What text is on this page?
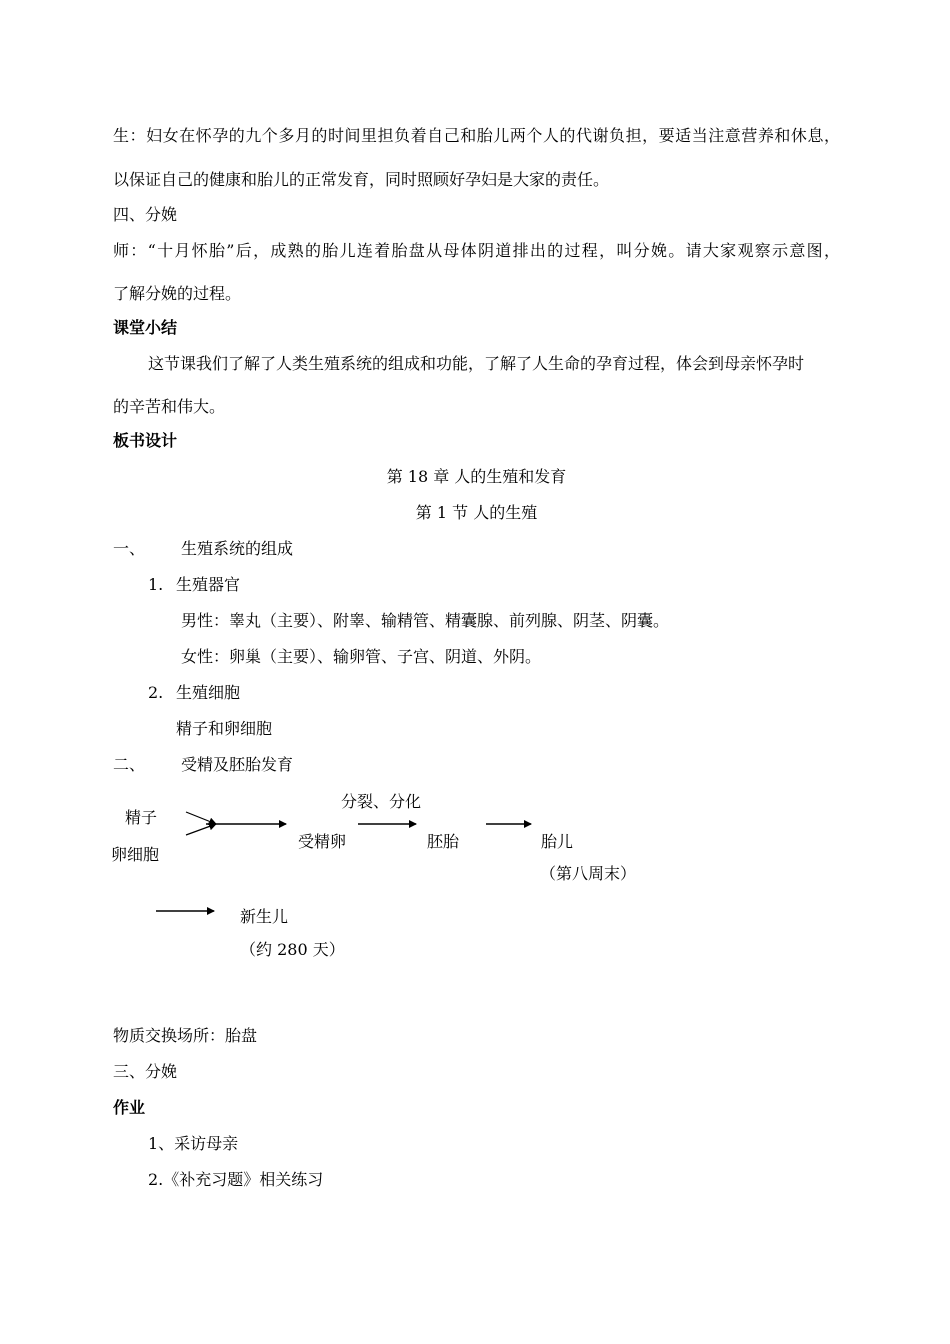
生：妇女在怀孕的九个多月的时间里担负着自己和胎儿两个人的代谢负担，要适当注意营养和休息，
以保证自己的健康和胎儿的正常发育，同时照顾好孕妇是大家的责任。
四、分娩
师：“十月怀胎”后，成熟的胎儿连着胎盘从母体阴道排出的过程，叫分娩。请大家观察示意图，
了解分娩的过程。
课堂小结
这节课我们了解了人类生殖系统的组成和功能，了解了人生命的孕育过程，体会到母亲怀孕时
的辛苦和伟大。
板书设计
第 18 章 人的生殖和发育
第 1 节 人的生殖
一、 生殖系统的组成
1. 生殖器官
男性：睾丸（主要）、附睾、输精管、精囊腺、前列腺、阴茎、阴囊。
女性：卵巢（主要）、输卵管、子宫、阴道、外阴。
2. 生殖细胞
精子和卵细胞
二、 受精及胚胎发育
精子
卵细胞
分裂、分化
受精卵	胚胎	胎儿
（第八周末）
新生儿
（约 280 天）
物质交换场所：胎盘
三、分娩
作业
1、采访母亲
2.《补充习题》相关练习
